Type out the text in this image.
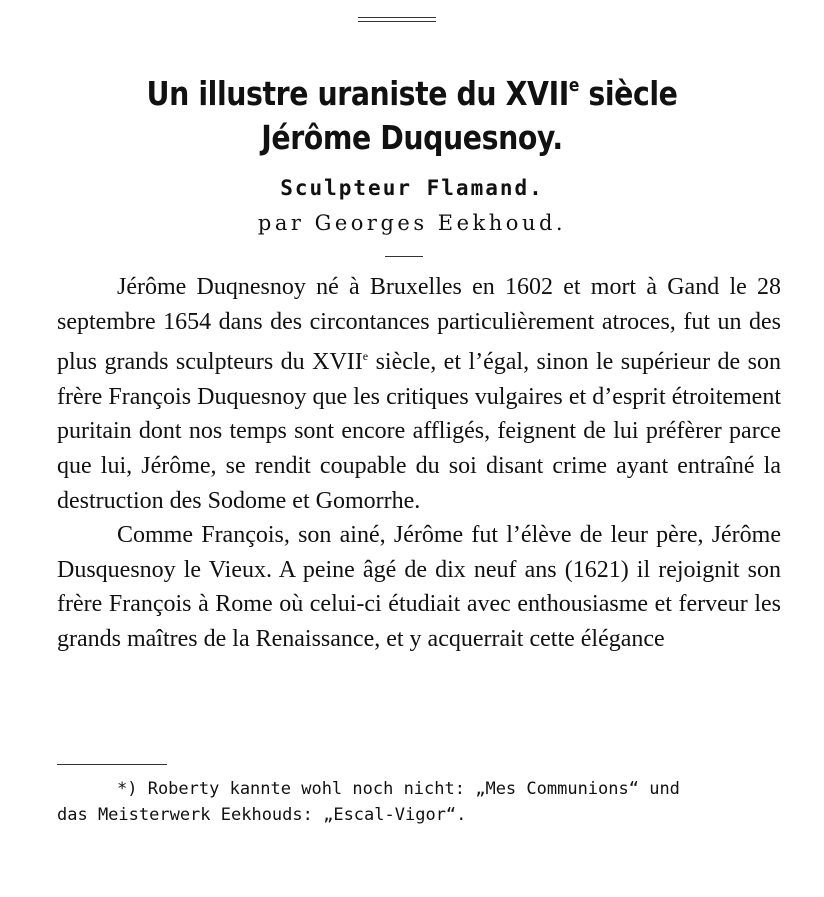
Un illustre uraniste du XVIIe siècle
Jérôme Duquesnoy.
Sculpteur Flamand.
par Georges Eekhoud.

Jérôme Duqnesnoy né à Bruxelles en 1602 et mort à Gand le 28 septembre 1654 dans des circontances particulièrement atroces, fut un des plus grands sculpteurs du XVIIe siècle, et l’égal, sinon le supérieur de son frère François Duquesnoy que les critiques vulgaires et d’esprit étroitement puritain dont nos temps sont encore affligés, feignent de lui préfèrer parce que lui, Jérôme, se rendit coupable du soi disant crime ayant entraîné la destruction des Sodome et Gomorrhe.

Comme François, son ainé, Jérôme fut l’élève de leur père, Jérôme Dusquesnoy le Vieux. A peine âgé de dix neuf ans (1621) il rejoignit son frère François à Rome où celui-ci étudiait avec enthousiasme et ferveur les grands maîtres de la Renaissance, et y acquerrait cette élégance

*) Roberty kannte wohl noch nicht: „Mes Communions“ und
das Meisterwerk Eekhouds: „Escal-Vigor“.
